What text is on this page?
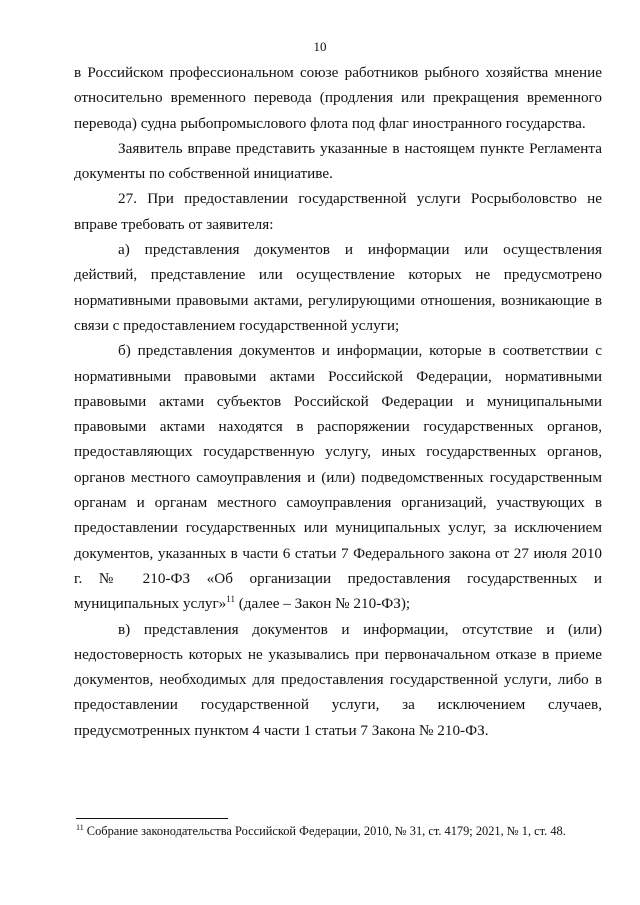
10

в Российском профессиональном союзе работников рыбного хозяйства мнение относительно временного перевода (продления или прекращения временного перевода) судна рыбопромыслового флота под флаг иностранного государства.

Заявитель вправе представить указанные в настоящем пункте Регламента документы по собственной инициативе.

27. При предоставлении государственной услуги Росрыболовство не вправе требовать от заявителя:

а) представления документов и информации или осуществления действий, представление или осуществление которых не предусмотрено нормативными правовыми актами, регулирующими отношения, возникающие в связи с предоставлением государственной услуги;

б) представления документов и информации, которые в соответствии с нормативными правовыми актами Российской Федерации, нормативными правовыми актами субъектов Российской Федерации и муниципальными правовыми актами находятся в распоряжении государственных органов, предоставляющих государственную услугу, иных государственных органов, органов местного самоуправления и (или) подведомственных государственным органам и органам местного самоуправления организаций, участвующих в предоставлении государственных или муниципальных услуг, за исключением документов, указанных в части 6 статьи 7 Федерального закона от 27 июля 2010 г. № 210-ФЗ «Об организации предоставления государственных и муниципальных услуг»$^{11}$ (далее – Закон № 210-ФЗ);

в) представления документов и информации, отсутствие и (или) недостоверность которых не указывались при первоначальном отказе в приеме документов, необходимых для предоставления государственной услуги, либо в предоставлении государственной услуги, за исключением случаев, предусмотренных пунктом 4 части 1 статьи 7 Закона № 210-ФЗ.

$^{11}$ Собрание законодательства Российской Федерации, 2010, № 31, ст. 4179; 2021, № 1, ст. 48.
